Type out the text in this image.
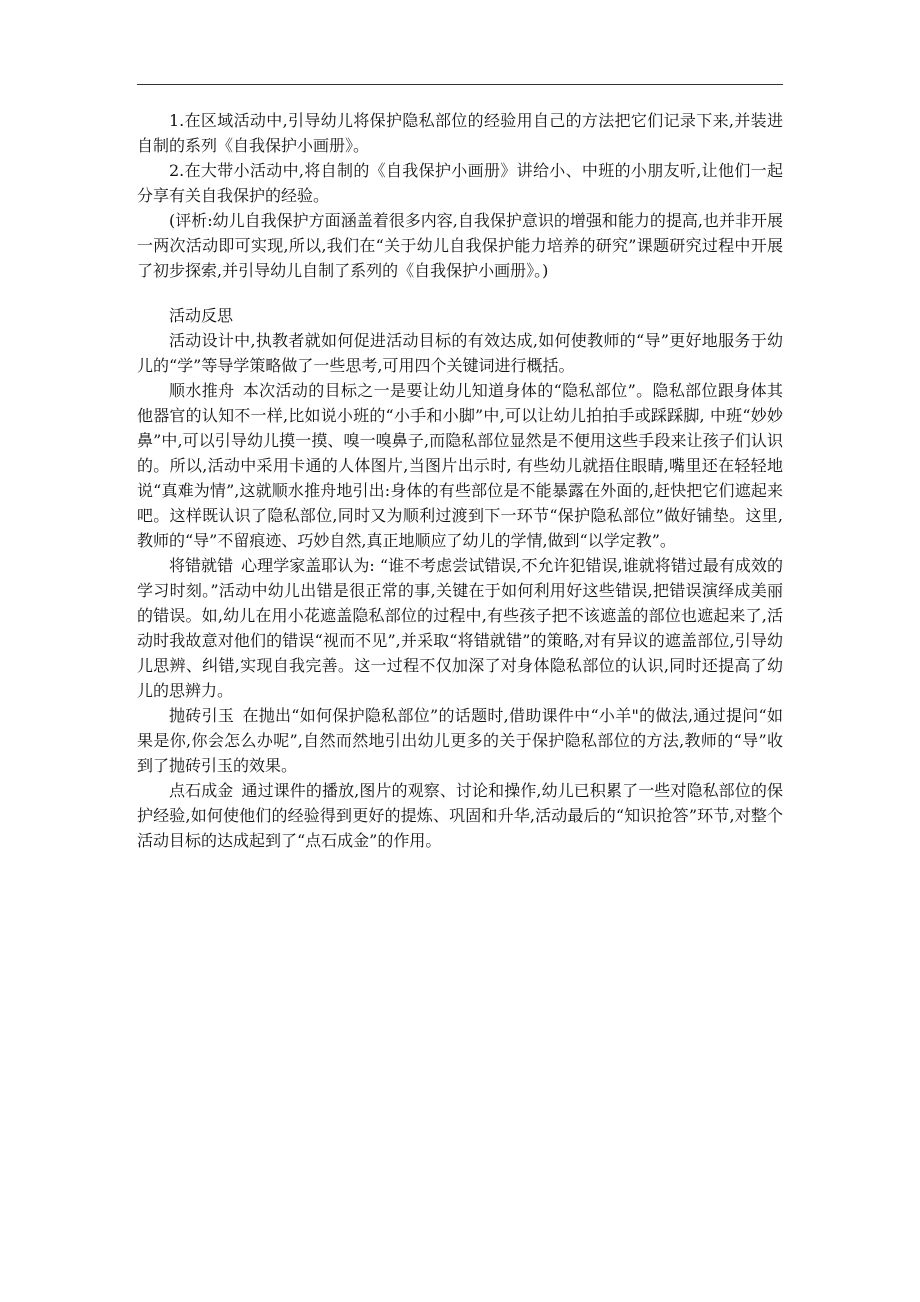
1.在区域活动中,引导幼儿将保护隐私部位的经验用自己的方法把它们记录下来,并装进自制的系列《自我保护小画册》。

2.在大带小活动中,将自制的《自我保护小画册》讲给小、中班的小朋友听,让他们一起分享有关自我保护的经验。

(评析:幼儿自我保护方面涵盖着很多内容,自我保护意识的增强和能力的提高,也并非开展一两次活动即可实现,所以,我们在“关于幼儿自我保护能力培养的研究”课题研究过程中开展了初步探索,并引导幼儿自制了系列的《自我保护小画册》。)

活动反思

活动设计中,执教者就如何促进活动目标的有效达成,如何使教师的“导”更好地服务于幼儿的“学”等导学策略做了一些思考,可用四个关键词进行概括。

顺水推舟  本次活动的目标之一是要让幼儿知道身体的“隐私部位”。隐私部位跟身体其他器官的认知不一样,比如说小班的“小手和小脚”中,可以让幼儿拍拍手或踩踩脚, 中班“妙妙鼻”中,可以引导幼儿摸一摸、嗅一嗅鼻子,而隐私部位显然是不便用这些手段来让孩子们认识的。所以,活动中采用卡通的人体图片,当图片出示时, 有些幼儿就捂住眼睛,嘴里还在轻轻地说“真难为情”,这就顺水推舟地引出:身体的有些部位是不能暴露在外面的,赶快把它们遮起来吧。这样既认识了隐私部位,同时又为顺利过渡到下一环节“保护隐私部位”做好铺垫。这里,教师的“导”不留痕迹、巧妙自然,真正地顺应了幼儿的学情,做到“以学定教”。

将错就错  心理学家盖耶认为: “谁不考虑尝试错误,不允许犯错误,谁就将错过最有成效的学习时刻。”活动中幼儿出错是很正常的事,关键在于如何利用好这些错误,把错误演绎成美丽的错误。如,幼儿在用小花遮盖隐私部位的过程中,有些孩子把不该遮盖的部位也遮起来了,活动时我故意对他们的错误“视而不见”,并采取“将错就错”的策略,对有异议的遮盖部位,引导幼儿思辨、纠错,实现自我完善。这一过程不仅加深了对身体隐私部位的认识,同时还提高了幼儿的思辨力。

抛砖引玉  在抛出“如何保护隐私部位”的话题时,借助课件中“小羊"的做法,通过提问“如果是你,你会怎么办呢”,自然而然地引出幼儿更多的关于保护隐私部位的方法,教师的“导”收到了抛砖引玉的效果。

点石成金  通过课件的播放,图片的观察、讨论和操作,幼儿已积累了一些对隐私部位的保护经验,如何使他们的经验得到更好的提炼、巩固和升华,活动最后的“知识抢答”环节,对整个活动目标的达成起到了“点石成金”的作用。
